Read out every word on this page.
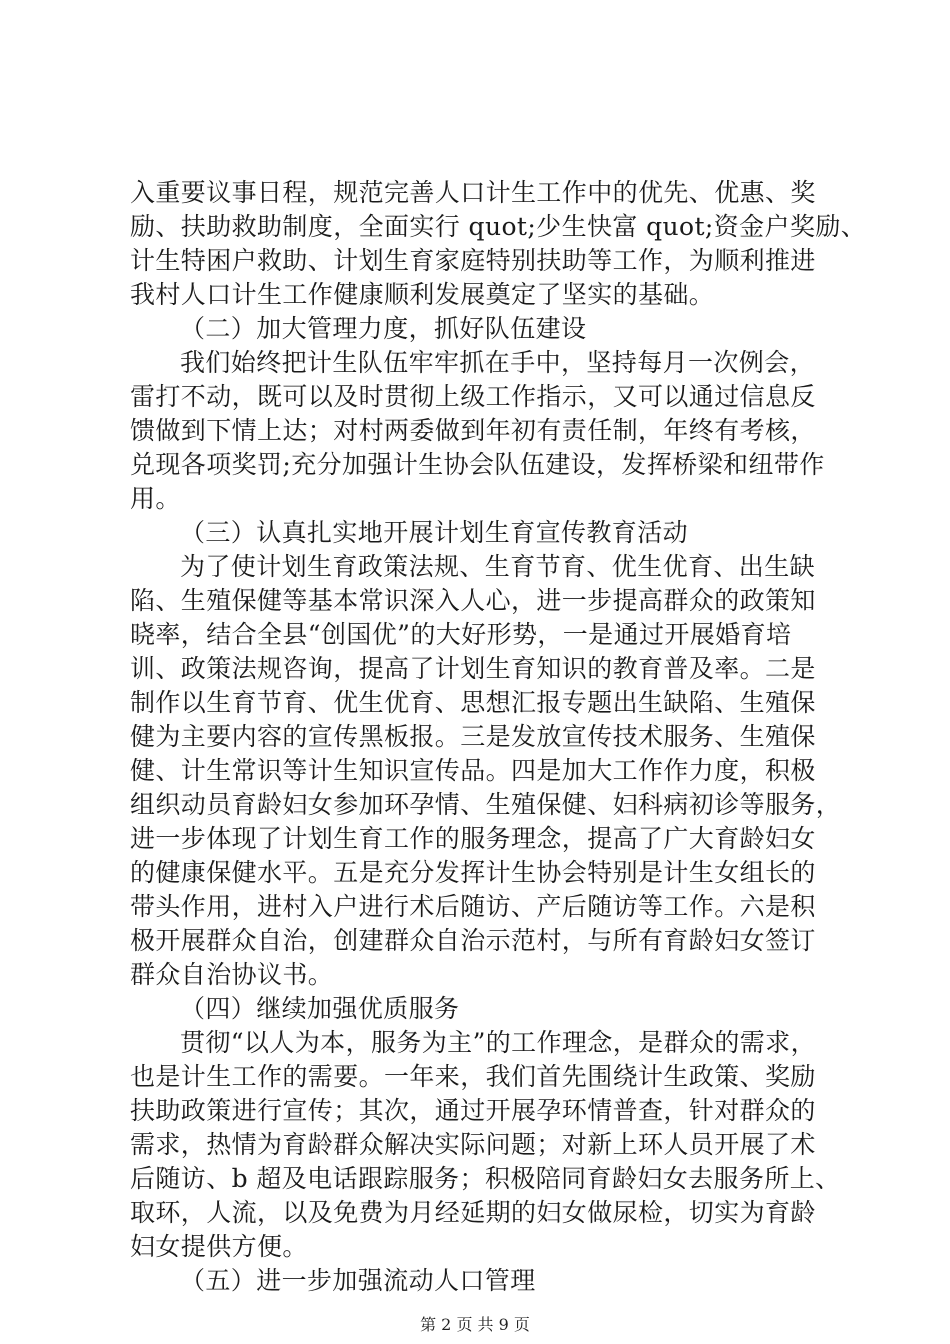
入重要议事日程，规范完善人口计生工作中的优先、优惠、奖
励、扶助救助制度，全面实行 quot;少生快富 quot;资金户奖励、
计生特困户救助、计划生育家庭特别扶助等工作，为顺利推进
我村人口计生工作健康顺利发展奠定了坚实的基础。
（二）加大管理力度，抓好队伍建设
我们始终把计生队伍牢牢抓在手中，坚持每月一次例会，
雷打不动，既可以及时贯彻上级工作指示，又可以通过信息反
馈做到下情上达；对村两委做到年初有责任制，年终有考核，
兑现各项奖罚;充分加强计生协会队伍建设，发挥桥梁和纽带作
用。
（三）认真扎实地开展计划生育宣传教育活动
为了使计划生育政策法规、生育节育、优生优育、出生缺
陷、生殖保健等基本常识深入人心，进一步提高群众的政策知
晓率，结合全县“创国优”的大好形势，一是通过开展婚育培
训、政策法规咨询，提高了计划生育知识的教育普及率。二是
制作以生育节育、优生优育、思想汇报专题出生缺陷、生殖保
健为主要内容的宣传黑板报。三是发放宣传技术服务、生殖保
健、计生常识等计生知识宣传品。四是加大工作作力度，积极
组织动员育龄妇女参加环孕情、生殖保健、妇科病初诊等服务，
进一步体现了计划生育工作的服务理念，提高了广大育龄妇女
的健康保健水平。五是充分发挥计生协会特别是计生女组长的
带头作用，进村入户进行术后随访、产后随访等工作。六是积
极开展群众自治，创建群众自治示范村，与所有育龄妇女签订
群众自治协议书。
（四）继续加强优质服务
贯彻“以人为本，服务为主”的工作理念，是群众的需求，
也是计生工作的需要。一年来，我们首先围绕计生政策、奖励
扶助政策进行宣传；其次，通过开展孕环情普查，针对群众的
需求，热情为育龄群众解决实际问题；对新上环人员开展了术
后随访、b 超及电话跟踪服务；积极陪同育龄妇女去服务所上、
取环，人流，以及免费为月经延期的妇女做尿检，切实为育龄
妇女提供方便。
（五）进一步加强流动人口管理
第 2 页 共 9 页
